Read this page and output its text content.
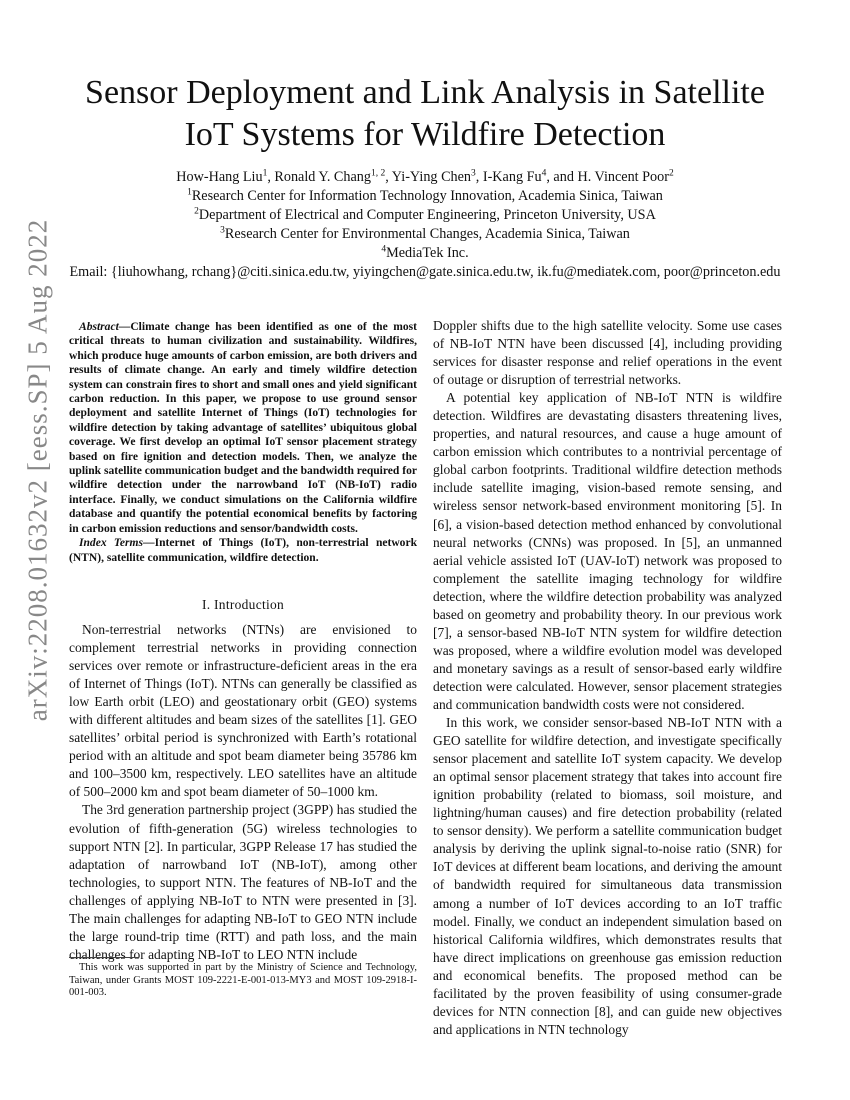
arXiv:2208.01632v2 [eess.SP] 5 Aug 2022
Sensor Deployment and Link Analysis in Satellite
IoT Systems for Wildfire Detection
How-Hang Liu$^1$, Ronald Y. Chang$^{1, 2}$, Yi-Ying Chen$^3$, I-Kang Fu$^4$, and H. Vincent Poor$^2$
$^1$Research Center for Information Technology Innovation, Academia Sinica, Taiwan
$^2$Department of Electrical and Computer Engineering, Princeton University, USA
$^3$Research Center for Environmental Changes, Academia Sinica, Taiwan
$^4$MediaTek Inc.
Email: {liuhowhang, rchang}@citi.sinica.edu.tw, yiyingchen@gate.sinica.edu.tw, ik.fu@mediatek.com, poor@princeton.edu

Abstract—Climate change has been identified as one of the most critical threats to human civilization and sustainability. Wildfires, which produce huge amounts of carbon emission, are both drivers and results of climate change. An early and timely wildfire detection system can constrain fires to short and small ones and yield significant carbon reduction. In this paper, we propose to use ground sensor deployment and satellite Internet of Things (IoT) technologies for wildfire detection by taking advantage of satellites’ ubiquitous global coverage. We first develop an optimal IoT sensor placement strategy based on fire ignition and detection models. Then, we analyze the uplink satellite communication budget and the bandwidth required for wildfire detection under the narrowband IoT (NB-IoT) radio interface. Finally, we conduct simulations on the California wildfire database and quantify the potential economical benefits by factoring in carbon emission reductions and sensor/bandwidth costs.

Index Terms—Internet of Things (IoT), non-terrestrial network (NTN), satellite communication, wildfire detection.

I. Introduction

Non-terrestrial networks (NTNs) are envisioned to complement terrestrial networks in providing connection services over remote or infrastructure-deficient areas in the era of Internet of Things (IoT). NTNs can generally be classified as low Earth orbit (LEO) and geostationary orbit (GEO) systems with different altitudes and beam sizes of the satellites [1]. GEO satellites’ orbital period is synchronized with Earth’s rotational period with an altitude and spot beam diameter being 35786 km and 100–3500 km, respectively. LEO satellites have an altitude of 500–2000 km and spot beam diameter of 50–1000 km.

The 3rd generation partnership project (3GPP) has studied the evolution of fifth-generation (5G) wireless technologies to support NTN [2]. In particular, 3GPP Release 17 has studied the adaptation of narrowband IoT (NB-IoT), among other technologies, to support NTN. The features of NB-IoT and the challenges of applying NB-IoT to NTN were presented in [3]. The main challenges for adapting NB-IoT to GEO NTN include the large round-trip time (RTT) and path loss, and the main challenges for adapting NB-IoT to LEO NTN include

This work was supported in part by the Ministry of Science and Technology, Taiwan, under Grants MOST 109-2221-E-001-013-MY3 and MOST 109-2918-I-001-003.

Doppler shifts due to the high satellite velocity. Some use cases of NB-IoT NTN have been discussed [4], including providing services for disaster response and relief operations in the event of outage or disruption of terrestrial networks.

A potential key application of NB-IoT NTN is wildfire detection. Wildfires are devastating disasters threatening lives, properties, and natural resources, and cause a huge amount of carbon emission which contributes to a nontrivial percentage of global carbon footprints. Traditional wildfire detection methods include satellite imaging, vision-based remote sensing, and wireless sensor network-based environment monitoring [5]. In [6], a vision-based detection method enhanced by convolutional neural networks (CNNs) was proposed. In [5], an unmanned aerial vehicle assisted IoT (UAV-IoT) network was proposed to complement the satellite imaging technology for wildfire detection, where the wildfire detection probability was analyzed based on geometry and probability theory. In our previous work [7], a sensor-based NB-IoT NTN system for wildfire detection was proposed, where a wildfire evolution model was developed and monetary savings as a result of sensor-based early wildfire detection were calculated. However, sensor placement strategies and communication bandwidth costs were not considered.

In this work, we consider sensor-based NB-IoT NTN with a GEO satellite for wildfire detection, and investigate specifically sensor placement and satellite IoT system capacity. We develop an optimal sensor placement strategy that takes into account fire ignition probability (related to biomass, soil moisture, and lightning/human causes) and fire detection probability (related to sensor density). We perform a satellite communication budget analysis by deriving the uplink signal-to-noise ratio (SNR) for IoT devices at different beam locations, and deriving the amount of bandwidth required for simultaneous data transmission among a number of IoT devices according to an IoT traffic model. Finally, we conduct an independent simulation based on historical California wildfires, which demonstrates results that have direct implications on greenhouse gas emission reduction and economical benefits. The proposed method can be facilitated by the proven feasibility of using consumer-grade devices for NTN connection [8], and can guide new objectives and applications in NTN technology
